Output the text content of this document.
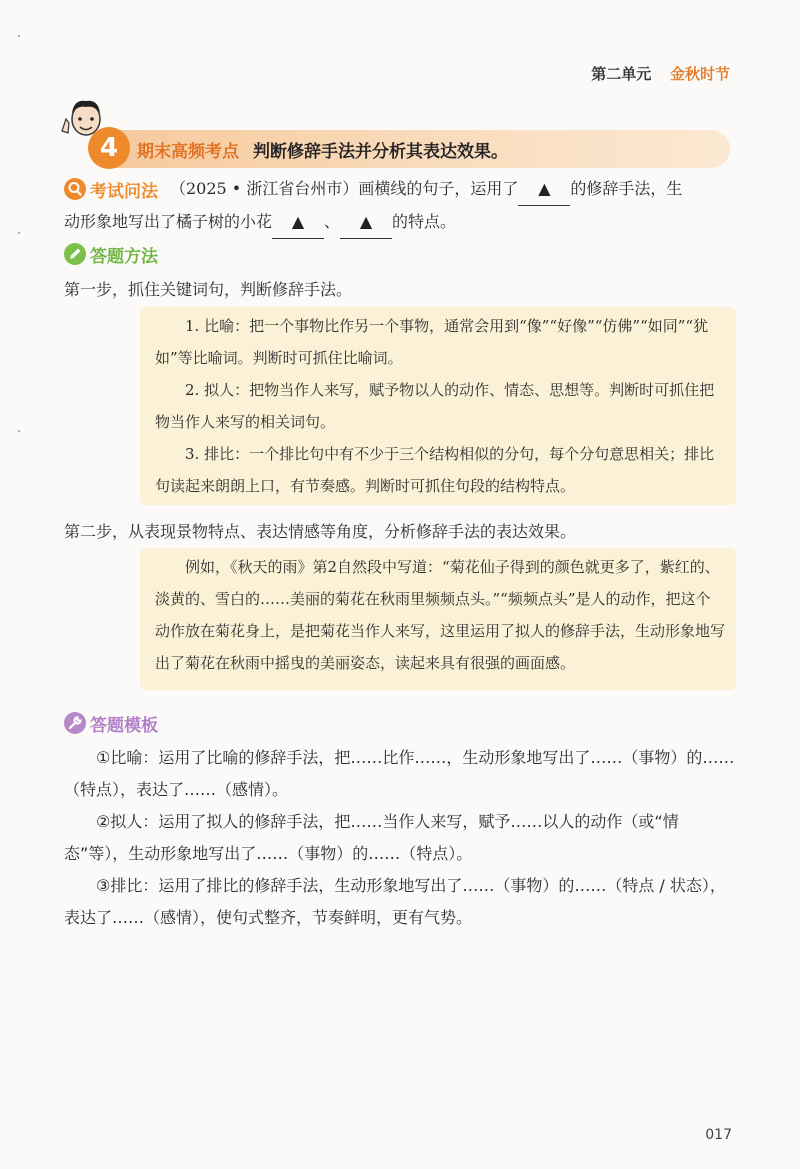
第二单元 金秋时节
4	期末高频考点 判断修辞手法并分析其表达效果。
考试问法 （2025 • 浙江省台州市）画横线的句子，运用了 ▲ 的修辞手法，生
动形象地写出了橘子树的小花 ▲ 、 ▲ 的特点。
答题方法
第一步，抓住关键词句，判断修辞手法。

1. 比喻：把一个事物比作另一个事物，通常会用到“像”“好像”“仿佛”“如同”“犹如”等比喻词。判断时可抓住比喻词。

2. 拟人：把物当作人来写，赋予物以人的动作、情态、思想等。判断时可抓住把物当作人来写的相关词句。

3. 排比：一个排比句中有不少于三个结构相似的分句，每个分句意思相关；排比句读起来朗朗上口，有节奏感。判断时可抓住句段的结构特点。

第二步，从表现景物特点、表达情感等角度，分析修辞手法的表达效果。

例如，《秋天的雨》第2自然段中写道：“菊花仙子得到的颜色就更多了，紫红的、淡黄的、雪白的……美丽的菊花在秋雨里频频点头。”“频频点头”是人的动作，把这个动作放在菊花身上，是把菊花当作人来写，这里运用了拟人的修辞手法，生动形象地写出了菊花在秋雨中摇曳的美丽姿态，读起来具有很强的画面感。

答题模板

①比喻：运用了比喻的修辞手法，把……比作……，生动形象地写出了……（事物）的……（特点），表达了……（感情）。

②拟人：运用了拟人的修辞手法，把……当作人来写，赋予……以人的动作（或“情态”等），生动形象地写出了……（事物）的……（特点）。

③排比：运用了排比的修辞手法，生动形象地写出了……（事物）的……（特点 / 状态），表达了……（感情），使句式整齐，节奏鲜明，更有气势。

017
